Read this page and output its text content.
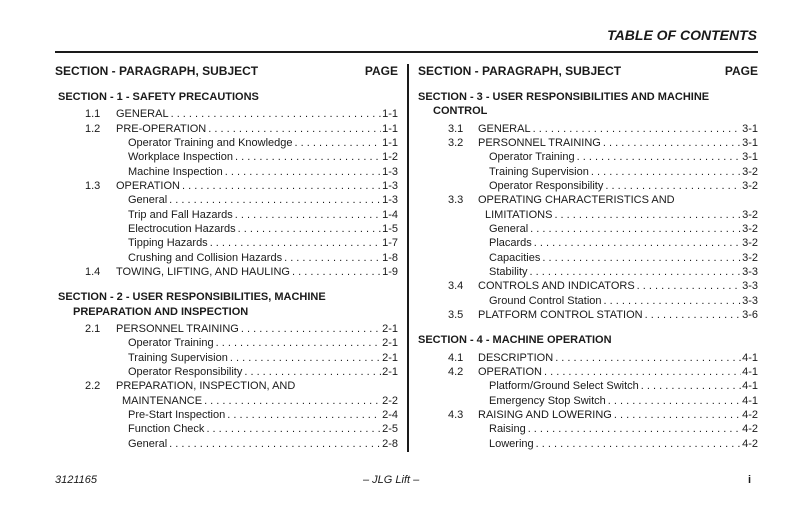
TABLE OF CONTENTS
SECTION - PARAGRAPH, SUBJECT	PAGE
SECTION - 1 - SAFETY PRECAUTIONS
1.1 GENERAL . . .	1-1
1.2 PRE-OPERATION . . .	1-1
Operator Training and Knowledge . . .	1-1
Workplace Inspection . . .	1-2
Machine Inspection . . .	1-3
1.3 OPERATION . . .	1-3
General . . .	1-3
Trip and Fall Hazards . . .	1-4
Electrocution Hazards . . .	1-5
Tipping Hazards . . .	1-7
Crushing and Collision Hazards . . .	1-8
1.4 TOWING, LIFTING, AND HAULING . . .	1-9
SECTION - 2 - USER RESPONSIBILITIES, MACHINE
PREPARATION AND INSPECTION
2.1 PERSONNEL TRAINING . . .	2-1
Operator Training . . .	2-1
Training Supervision . . .	2-1
Operator Responsibility . . .	2-1
2.2 PREPARATION, INSPECTION, AND
MAINTENANCE . . .	2-2
Pre-Start Inspection . . .	2-4
Function Check . . .	2-5
General . . .	2-8
SECTION - PARAGRAPH, SUBJECT	PAGE
SECTION - 3 - USER RESPONSIBILITIES AND MACHINE
CONTROL
3.1 GENERAL . . .	3-1
3.2 PERSONNEL TRAINING . . .	3-1
Operator Training . . .	3-1
Training Supervision . . .	3-2
Operator Responsibility . . .	3-2
3.3 OPERATING CHARACTERISTICS AND
LIMITATIONS . . .	3-2
General . . .	3-2
Placards . . .	3-2
Capacities . . .	3-2
Stability . . .	3-3
3.4 CONTROLS AND INDICATORS . . .	3-3
Ground Control Station . . .	3-3
3.5 PLATFORM CONTROL STATION . . .	3-6
SECTION - 4 - MACHINE OPERATION
4.1 DESCRIPTION . . .	4-1
4.2 OPERATION . . .	4-1
Platform/Ground Select Switch . . .	4-1
Emergency Stop Switch . . .	4-1
4.3 RAISING AND LOWERING . . .	4-2
Raising . . .	4-2
Lowering . . .	4-2
3121165	– JLG Lift –	i
